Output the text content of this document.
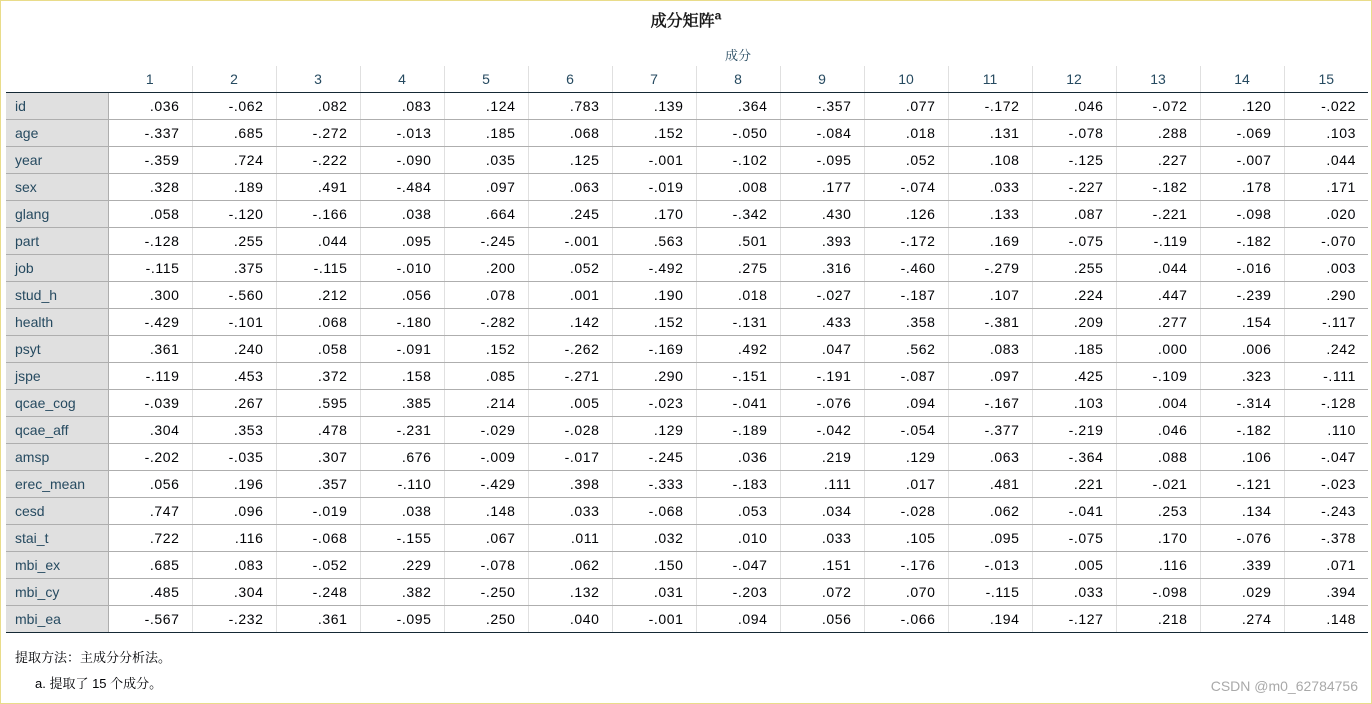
成分矩阵$^a$
	成分														
	1	2	3	4	5	6	7	8	9	10	11	12	13	14	15
id	.036	-.062	.082	.083	.124	.783	.139	.364	-.357	.077	-.172	.046	-.072	.120	-.022
age	-.337	.685	-.272	-.013	.185	.068	.152	-.050	-.084	.018	.131	-.078	.288	-.069	.103
year	-.359	.724	-.222	-.090	.035	.125	-.001	-.102	-.095	.052	.108	-.125	.227	-.007	.044
sex	.328	.189	.491	-.484	.097	.063	-.019	.008	.177	-.074	.033	-.227	-.182	.178	.171
glang	.058	-.120	-.166	.038	.664	.245	.170	-.342	.430	.126	.133	.087	-.221	-.098	.020
part	-.128	.255	.044	.095	-.245	-.001	.563	.501	.393	-.172	.169	-.075	-.119	-.182	-.070
job	-.115	.375	-.115	-.010	.200	.052	-.492	.275	.316	-.460	-.279	.255	.044	-.016	.003
stud_h	.300	-.560	.212	.056	.078	.001	.190	.018	-.027	-.187	.107	.224	.447	-.239	.290
health	-.429	-.101	.068	-.180	-.282	.142	.152	-.131	.433	.358	-.381	.209	.277	.154	-.117
psyt	.361	.240	.058	-.091	.152	-.262	-.169	.492	.047	.562	.083	.185	.000	.006	.242
jspe	-.119	.453	.372	.158	.085	-.271	.290	-.151	-.191	-.087	.097	.425	-.109	.323	-.111
qcae_cog	-.039	.267	.595	.385	.214	.005	-.023	-.041	-.076	.094	-.167	.103	.004	-.314	-.128
qcae_aff	.304	.353	.478	-.231	-.029	-.028	.129	-.189	-.042	-.054	-.377	-.219	.046	-.182	.110
amsp	-.202	-.035	.307	.676	-.009	-.017	-.245	.036	.219	.129	.063	-.364	.088	.106	-.047
erec_mean	.056	.196	.357	-.110	-.429	.398	-.333	-.183	.111	.017	.481	.221	-.021	-.121	-.023
cesd	.747	.096	-.019	.038	.148	.033	-.068	.053	.034	-.028	.062	-.041	.253	.134	-.243
stai_t	.722	.116	-.068	-.155	.067	.011	.032	.010	.033	.105	.095	-.075	.170	-.076	-.378
mbi_ex	.685	.083	-.052	.229	-.078	.062	.150	-.047	.151	-.176	-.013	.005	.116	.339	.071
mbi_cy	.485	.304	-.248	.382	-.250	.132	.031	-.203	.072	.070	-.115	.033	-.098	.029	.394
mbi_ea	-.567	-.232	.361	-.095	.250	.040	-.001	.094	.056	-.066	.194	-.127	.218	.274	.148
提取方法：主成分分析法。
a. 提取了 15 个成分。	CSDN @m0_62784756
